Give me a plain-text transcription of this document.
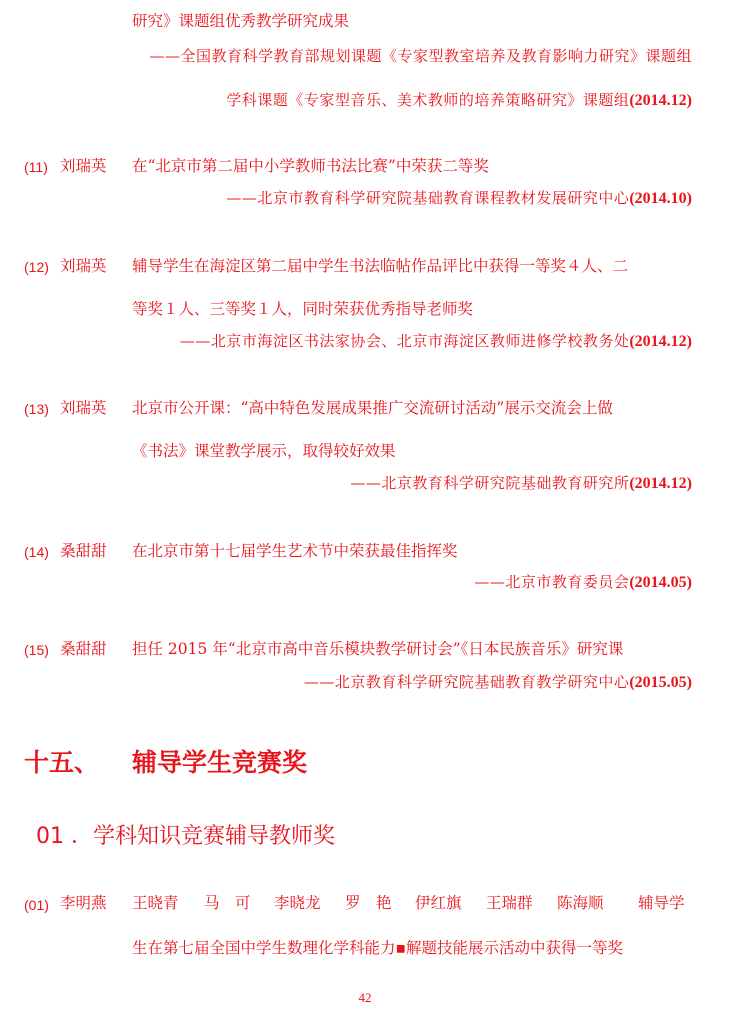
研究》课题组优秀教学研究成果
——全国教育科学教育部规划课题《专家型教室培养及教育影响力研究》课题组
学科课题《专家型音乐、美术教师的培养策略研究》课题组(2014.12)
(11) 刘瑞英 在“北京市第二届中小学教师书法比赛”中荣获二等奖
——北京市教育科学研究院基础教育课程教材发展研究中心(2014.10)
(12) 刘瑞英 辅导学生在海淀区第二届中学生书法临帖作品评比中获得一等奖４人、二
等奖１人、三等奖１人，同时荣获优秀指导老师奖
——北京市海淀区书法家协会、北京市海淀区教师进修学校教务处(2014.12)
(13) 刘瑞英 北京市公开课：“高中特色发展成果推广交流研讨活动”展示交流会上做
《书法》课堂教学展示，取得较好效果
——北京教育科学研究院基础教育研究所(2014.12)
(14) 桑甜甜 在北京市第十七届学生艺术节中荣获最佳指挥奖
——北京市教育委员会(2014.05)
(15) 桑甜甜 担任 2015 年“北京市高中音乐模块教学研讨会”《日本民族音乐》研究课
——北京教育科学研究院基础教育教学研究中心(2015.05)
十五、 辅导学生竞赛奖
01 ．学科知识竞赛辅导教师奖
(01) 李明燕 王晓青 马　可 李晓龙 罗　艳 伊红旗 王瑞群 陈海顺 辅导学
生在第七届全国中学生数理化学科能力▪解题技能展示活动中获得一等奖
42
